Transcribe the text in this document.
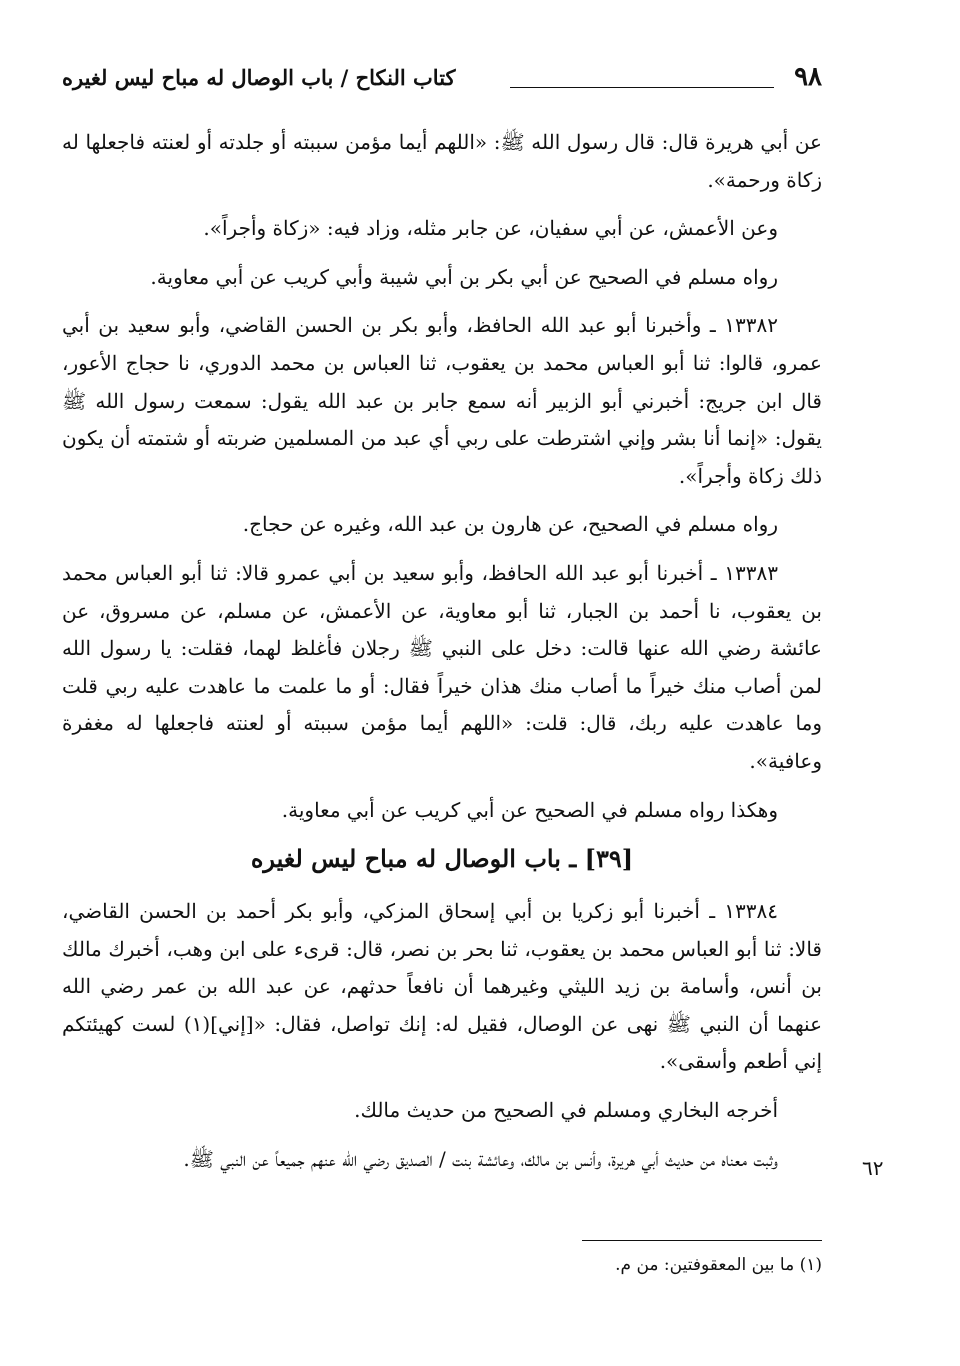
٩٨
كتاب النكاح / باب الوصال له مباح ليس لغيره

عن أبي هريرة قال: قال رسول الله ﷺ: «اللهم أيما مؤمن سببته أو جلدته أو لعنته فاجعلها له زكاة ورحمة».

وعن الأعمش، عن أبي سفيان، عن جابر مثله، وزاد فيه: «زكاة وأجراً».

رواه مسلم في الصحيح عن أبي بكر بن أبي شيبة وأبي كريب عن أبي معاوية.

١٣٣٨٢ ـ وأخبرنا أبو عبد الله الحافظ، وأبو بكر بن الحسن القاضي، وأبو سعيد بن أبي عمرو، قالوا: ثنا أبو العباس محمد بن يعقوب، ثنا العباس بن محمد الدوري، نا حجاج الأعور، قال ابن جريج: أخبرني أبو الزبير أنه سمع جابر بن عبد الله يقول: سمعت رسول الله ﷺ يقول: «إنما أنا بشر وإني اشترطت على ربي أي عبد من المسلمين ضربته أو شتمته أن يكون ذلك زكاة وأجراً».

رواه مسلم في الصحيح، عن هارون بن عبد الله، وغيره عن حجاج.

١٣٣٨٣ ـ أخبرنا أبو عبد الله الحافظ، وأبو سعيد بن أبي عمرو قالا: ثنا أبو العباس محمد بن يعقوب، نا أحمد بن الجبار، ثنا أبو معاوية، عن الأعمش، عن مسلم، عن مسروق، عن عائشة رضي الله عنها قالت: دخل على النبي ﷺ رجلان فأغلظ لهما، فقلت: يا رسول الله لمن أصاب منك خيراً ما أصاب منك هذان خيراً فقال: أو ما علمت ما عاهدت عليه ربي قلت وما عاهدت عليه ربك، قال: قلت: «اللهم أيما مؤمن سببته أو لعنته فاجعلها له مغفرة وعافية».

وهكذا رواه مسلم في الصحيح عن أبي كريب عن أبي معاوية.

[٣٩] ـ باب الوصال له مباح ليس لغيره

١٣٣٨٤ ـ أخبرنا أبو زكريا بن أبي إسحاق المزكي، وأبو بكر أحمد بن الحسن القاضي، قالا: ثنا أبو العباس محمد بن يعقوب، ثنا بحر بن نصر، قال: قرىء على ابن وهب، أخبرك مالك بن أنس، وأسامة بن زيد الليثي وغيرهما أن نافعاً حدثهم، عن عبد الله بن عمر رضي الله عنهما أن النبي ﷺ نهى عن الوصال، فقيل له: إنك تواصل، فقال: «[إني](١) لست كهيئتكم إني أطعم وأسقى».

أخرجه البخاري ومسلم في الصحيح من حديث مالك.

وثبت معناه من حديث أبي هريرة، وأنس بن مالك، وعائشة بنت / الصديق رضي الله عنهم جميعاً عن النبي ﷺ.	٦٢
(١) ما بين المعقوفتين: من م.
